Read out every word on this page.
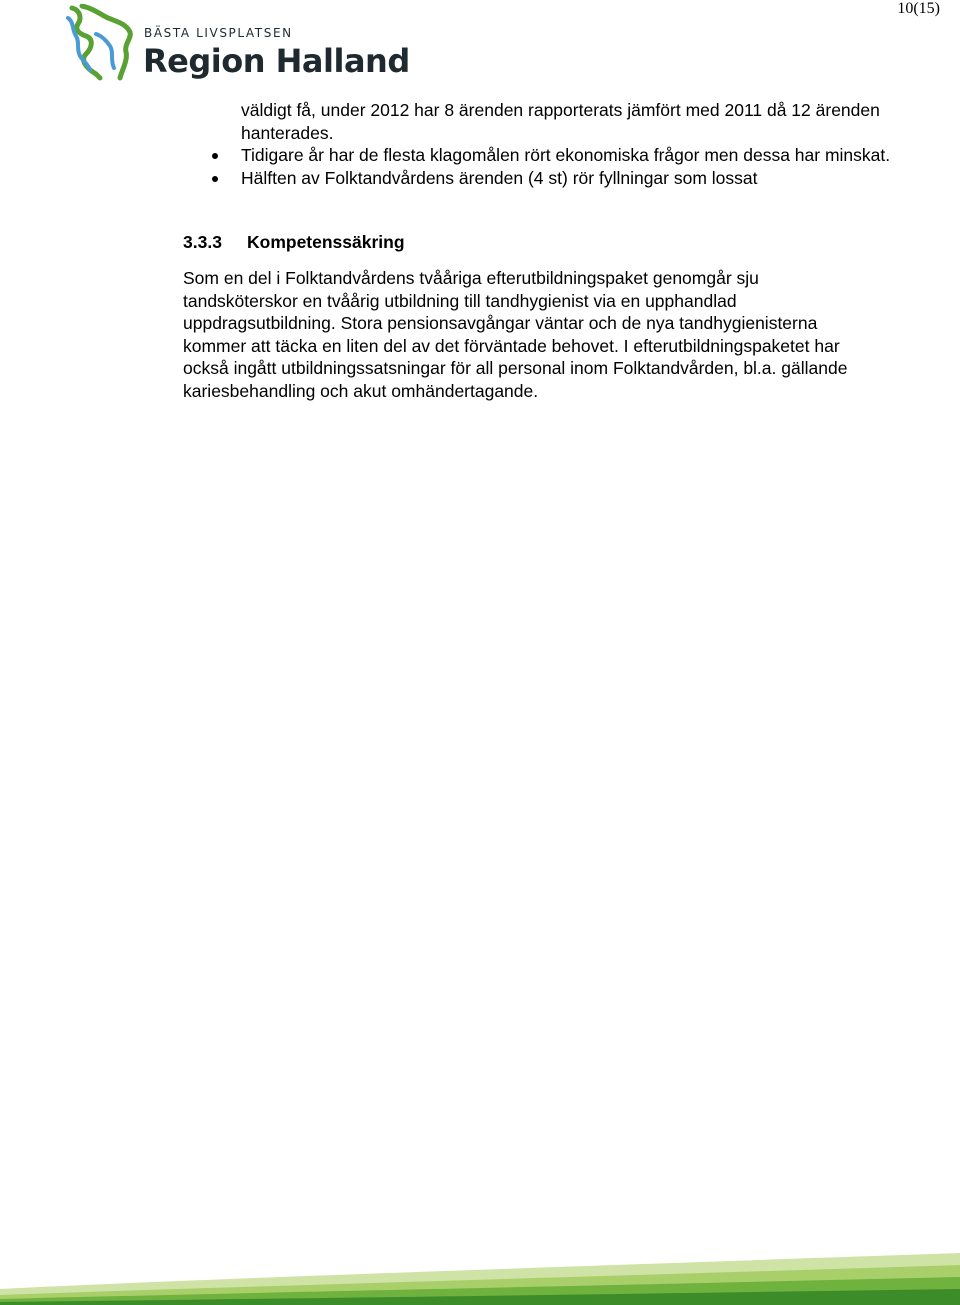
10(15)
BÄSTA LIVSPLATSEN
Region Halland
väldigt få, under 2012 har 8 ärenden rapporterats jämfört med 2011 då 12 ärenden hanterades.
Tidigare år har de flesta klagomålen rört ekonomiska frågor men dessa har minskat.
Hälften av Folktandvårdens ärenden (4 st) rör fyllningar som lossat
3.3.3 Kompetenssäkring
Som en del i Folktandvårdens tvååriga efterutbildningspaket genomgår sju tandsköterskor en tvåårig utbildning till tandhygienist via en upphandlad uppdragsutbildning. Stora pensionsavgångar väntar och de nya tandhygienisterna kommer att täcka en liten del av det förväntade behovet. I efterutbildningspaketet har också ingått utbildningssatsningar för all personal inom Folktandvården, bl.a. gällande kariesbehandling och akut omhändertagande.
